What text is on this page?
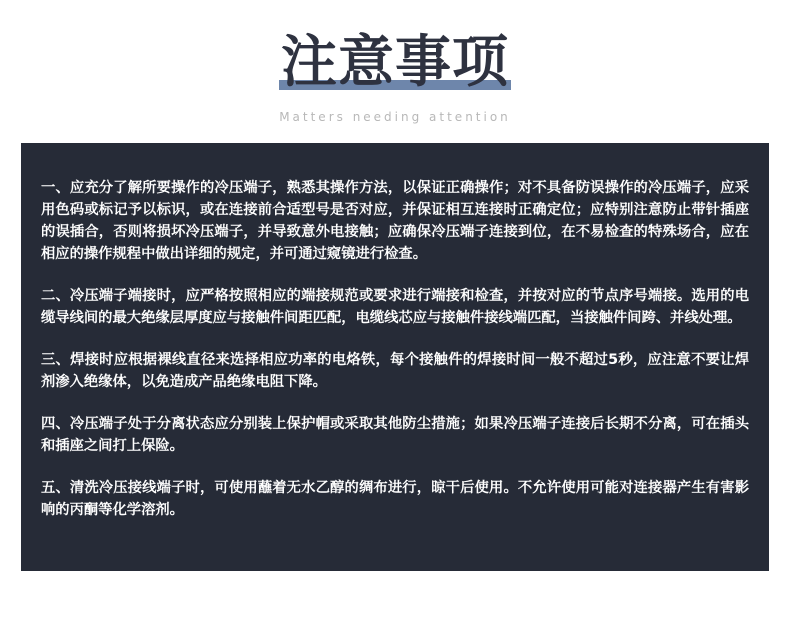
注意事项
Matters needing attention

一、应充分了解所要操作的冷压端子，熟悉其操作方法，以保证正确操作；对不具备防误操作的冷压端子，应采用色码或标记予以标识，或在连接前合适型号是否对应，并保证相互连接时正确定位；应特别注意防止带针插座的误插合，否则将损坏冷压端子，并导致意外电接触；应确保冷压端子连接到位，在不易检查的特殊场合，应在相应的操作规程中做出详细的规定，并可通过窥镜进行检查。

二、冷压端子端接时，应严格按照相应的端接规范或要求进行端接和检查，并按对应的节点序号端接。选用的电缆导线间的最大绝缘层厚度应与接触件间距匹配，电缆线芯应与接触件接线端匹配，当接触件间跨、并线处理。

三、焊接时应根据裸线直径来选择相应功率的电烙铁，每个接触件的焊接时间一般不超过5秒，应注意不要让焊剂渗入绝缘体，以免造成产品绝缘电阻下降。

四、冷压端子处于分离状态应分别装上保护帽或采取其他防尘措施；如果冷压端子连接后长期不分离，可在插头和插座之间打上保险。

五、清洗冷压接线端子时，可使用蘸着无水乙醇的绸布进行，晾干后使用。不允许使用可能对连接器产生有害影响的丙酮等化学溶剂。
